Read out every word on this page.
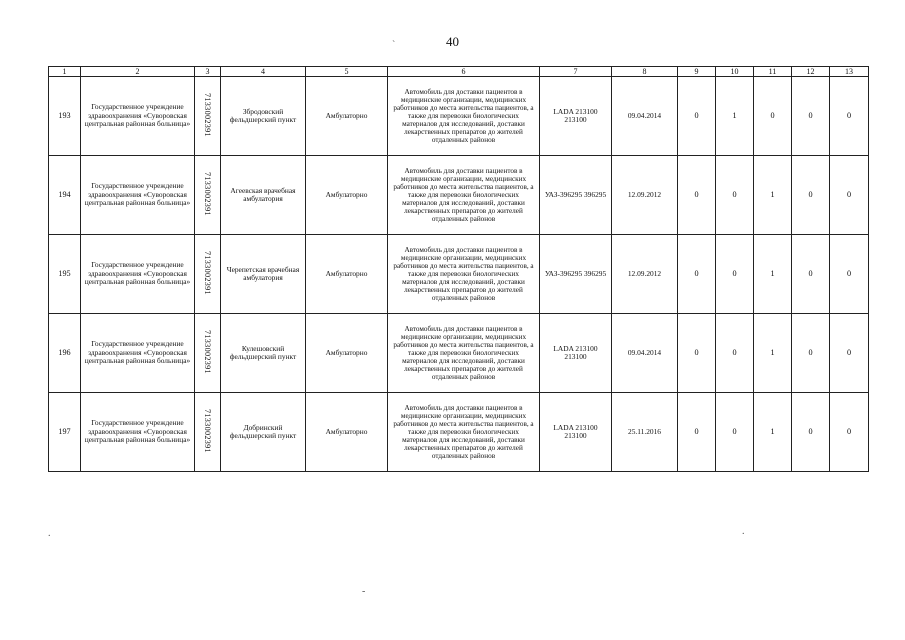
40
`
.	.
-
1	2	3	4	5	6	7	8	9	10	11	12	13
193	Государственное учреждение здравоохранения «Суворовская центральная районная больница»	7133002391	Збродовский фельдшерский пункт	Амбулаторно	Автомобиль для доставки пациентов в медицинские организации, медицинских работников до места жительства пациентов, а также для перевозки биологических материалов для исследований, доставки лекарственных препаратов до жителей отдаленных районов	LADA 213100 213100	09.04.2014	0	1	0	0	0
194	Государственное учреждение здравоохранения «Суворовская центральная районная больница»	7133002391	Агеевская врачебная амбулатория	Амбулаторно	Автомобиль для доставки пациентов в медицинские организации, медицинских работников до места жительства пациентов, а также для перевозки биологических материалов для исследований, доставки лекарственных препаратов до жителей отдаленных районов	УАЗ-396295 396295	12.09.2012	0	0	1	0	0
195	Государственное учреждение здравоохранения «Суворовская центральная районная больница»	7133002391	Черепетская врачебная амбулатория	Амбулаторно	Автомобиль для доставки пациентов в медицинские организации, медицинских работников до места жительства пациентов, а также для перевозки биологических материалов для исследований, доставки лекарственных препаратов до жителей отдаленных районов	УАЗ-396295 396295	12.09.2012	0	0	1	0	0
196	Государственное учреждение здравоохранения «Суворовская центральная районная больница»	7133002391	Кулешовский фельдшерский пункт	Амбулаторно	Автомобиль для доставки пациентов в медицинские организации, медицинских работников до места жительства пациентов, а также для перевозки биологических материалов для исследований, доставки лекарственных препаратов до жителей отдаленных районов	LADA 213100 213100	09.04.2014	0	0	1	0	0
197	Государственное учреждение здравоохранения «Суворовская центральная районная больница»	7133002391	Добринский фельдшерский пункт	Амбулаторно	Автомобиль для доставки пациентов в медицинские организации, медицинских работников до места жительства пациентов, а также для перевозки биологических материалов для исследований, доставки лекарственных препаратов до жителей отдаленных районов	LADA 213100 213100	25.11.2016	0	0	1	0	0
